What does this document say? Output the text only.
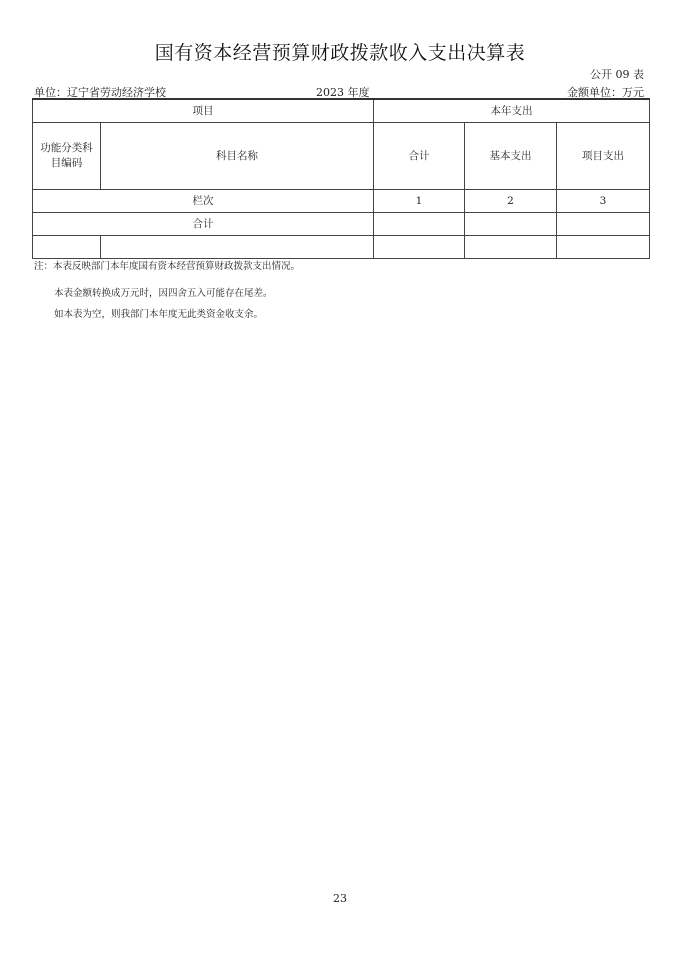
国有资本经营预算财政拨款收入支出决算表
公开 09 表
单位：辽宁省劳动经济学校	2023 年度	金额单位：万元
项目		本年支出		
功能分类科目编码	科目名称	合计	基本支出	项目支出
栏次		1	2	3
合计				

注：本表反映部门本年度国有资本经营预算财政拨款支出情况。
本表金额转换成万元时，因四舍五入可能存在尾差。
如本表为空，则我部门本年度无此类资金收支余。
23
